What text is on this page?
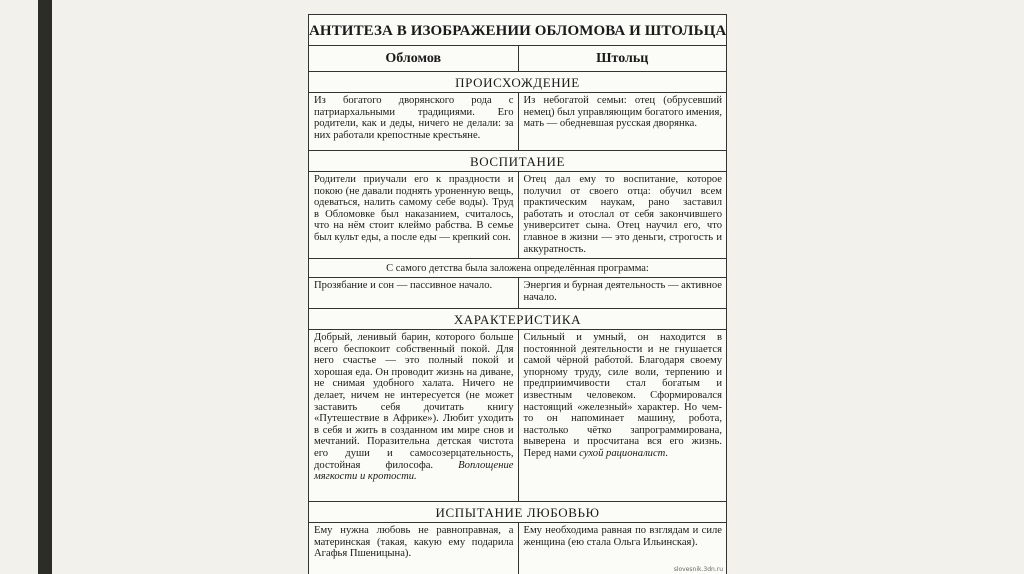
АНТИТЕЗА В ИЗОБРАЖЕНИИ ОБЛОМОВА И ШТОЛЬЦА
Обломов	Штольц
ПРОИСХОЖДЕНИЕ

Из богатого дворянского рода с патриархальными традициями. Его родители, как и деды, ничего не делали: за них работали крепостные крестьяне.

Из небогатой семьи: отец (обрусевший немец) был управляющим богатого имения, мать — обедневшая русская дворянка.

ВОСПИТАНИЕ

Родители приучали его к праздности и покою (не давали поднять уроненную вещь, одеваться, налить самому себе воды). Труд в Обломовке был наказанием, считалось, что на нём стоит клеймо рабства. В семье был культ еды, а после еды — крепкий сон.

Отец дал ему то воспитание, которое получил от своего отца: обучил всем практическим наукам, рано заставил работать и отослал от себя закончившего университет сына. Отец научил его, что главное в жизни — это деньги, строгость и аккуратность.

С самого детства была заложена определённая программа:

Прозябание и сон — пассивное начало.	Энергия и бурная деятельность — активное начало.

ХАРАКТЕРИСТИКА

Добрый, ленивый барин, которого больше всего беспокоит собственный покой. Для него счастье — это полный покой и хорошая еда. Он проводит жизнь на диване, не снимая удобного халата. Ничего не делает, ничем не интересуется (не может заставить себя дочитать книгу «Путешествие в Африке»). Любит уходить в себя и жить в созданном им мире снов и мечтаний. Поразительна детская чистота его души и самосозерцательность, достойная философа. Воплощение мягкости и кротости.

Сильный и умный, он находится в постоянной деятельности и не гнушается самой чёрной работой. Благодаря своему упорному труду, силе воли, терпению и предприимчивости стал богатым и известным человеком. Сформировался настоящий «железный» характер. Но чем-то он напоминает машину, робота, настолько чётко запрограммирована, выверена и просчитана вся его жизнь. Перед нами сухой рационалист.

ИСПЫТАНИЕ ЛЮБОВЬЮ

Ему нужна любовь не равноправная, а материнская (такая, какую ему подарила Агафья Пшеницына).

Ему необходима равная по взглядам и силе женщина (ею стала Ольга Ильинская).

slovesnik.3dn.ru
